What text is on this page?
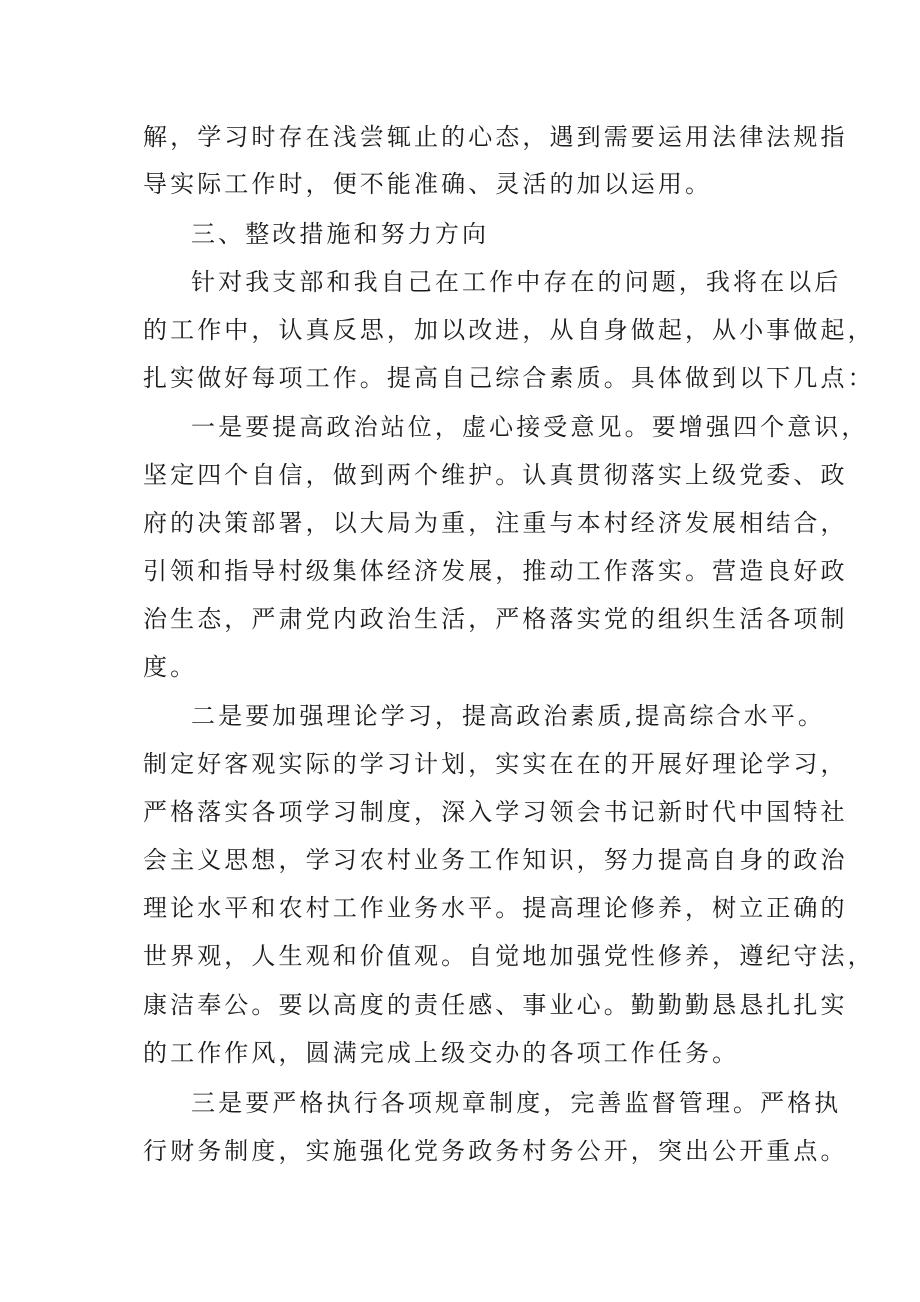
解，学习时存在浅尝辄止的心态，遇到需要运用法律法规指
导实际工作时，便不能准确、灵活的加以运用。
三、整改措施和努力方向
针对我支部和我自己在工作中存在的问题，我将在以后
的工作中，认真反思，加以改进，从自身做起，从小事做起，
扎实做好每项工作。提高自己综合素质。具体做到以下几点：
一是要提高政治站位，虚心接受意见。要增强四个意识，
坚定四个自信，做到两个维护。认真贯彻落实上级党委、政
府的决策部署，以大局为重，注重与本村经济发展相结合，
引领和指导村级集体经济发展，推动工作落实。营造良好政
治生态，严肃党内政治生活，严格落实党的组织生活各项制
度。
二是要加强理论学习，提高政治素质,提高综合水平。
制定好客观实际的学习计划，实实在在的开展好理论学习，
严格落实各项学习制度，深入学习领会书记新时代中国特社
会主义思想，学习农村业务工作知识，努力提高自身的政治
理论水平和农村工作业务水平。提高理论修养，树立正确的
世界观，人生观和价值观。自觉地加强党性修养，遵纪守法，
康洁奉公。要以高度的责任感、事业心。勤勤勤恳恳扎扎实
的工作作风，圆满完成上级交办的各项工作任务。
三是要严格执行各项规章制度，完善监督管理。严格执
行财务制度，实施强化党务政务村务公开，突出公开重点。
